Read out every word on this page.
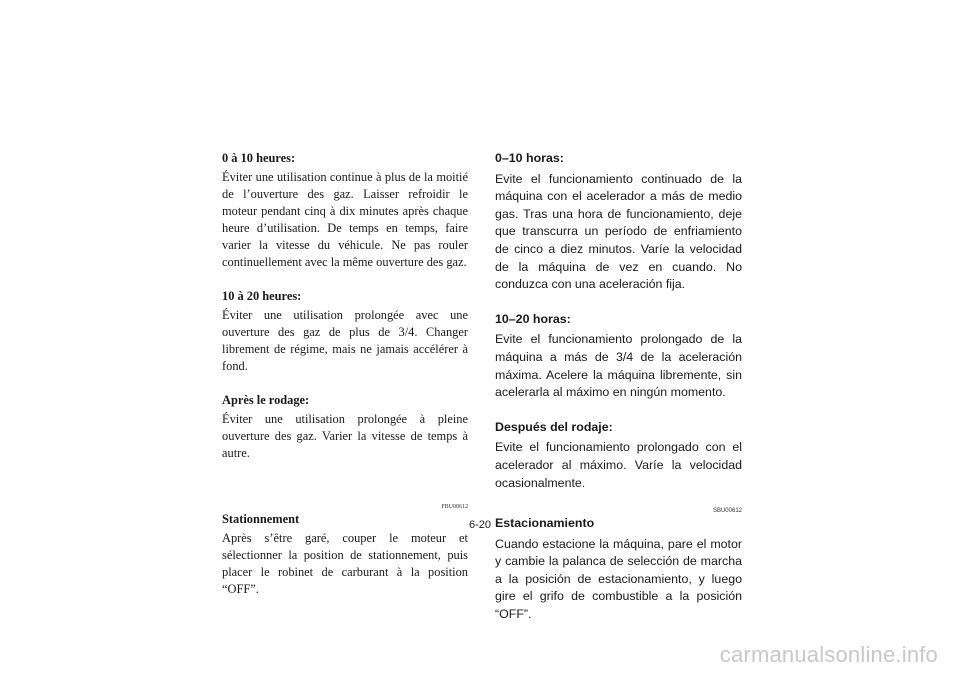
0 à 10 heures:

Éviter une utilisation continue à plus de la moitié de l’ouverture des gaz. Laisser refroidir le moteur pendant cinq à dix minutes après chaque heure d’utilisation. De temps en temps, faire varier la vitesse du véhicule. Ne pas rouler continuellement avec la même ouverture des gaz.

10 à 20 heures:

Éviter une utilisation prolongée avec une ouverture des gaz de plus de 3/4. Changer librement de régime, mais ne jamais accélérer à fond.

Après le rodage:

Éviter une utilisation prolongée à pleine ouverture des gaz. Varier la vitesse de temps à autre.

FBU00612

Stationnement

Après s’être garé, couper le moteur et sélectionner la position de stationnement, puis placer le robinet de carburant à la position “OFF”.

0–10 horas:

Evite el funcionamiento continuado de la máquina con el acelerador a más de medio gas. Tras una hora de funcionamiento, deje que transcurra un período de enfriamiento de cinco a diez minutos. Varíe la velocidad de la máquina de vez en cuando. No conduzca con una aceleración fija.

10–20 horas:

Evite el funcionamiento prolongado de la máquina a más de 3/4 de la aceleración máxima. Acelere la máquina libremente, sin acelerarla al máximo en ningún momento.

Después del rodaje:

Evite el funcionamiento prolongado con el acelerador al máximo. Varíe la velocidad ocasionalmente.

SBU00612

Estacionamiento

Cuando estacione la máquina, pare el motor y cambie la palanca de selección de marcha a la posición de estacionamiento, y luego gire el grifo de combustible a la posición “OFF”.

6-20
carmanualsonline.info
